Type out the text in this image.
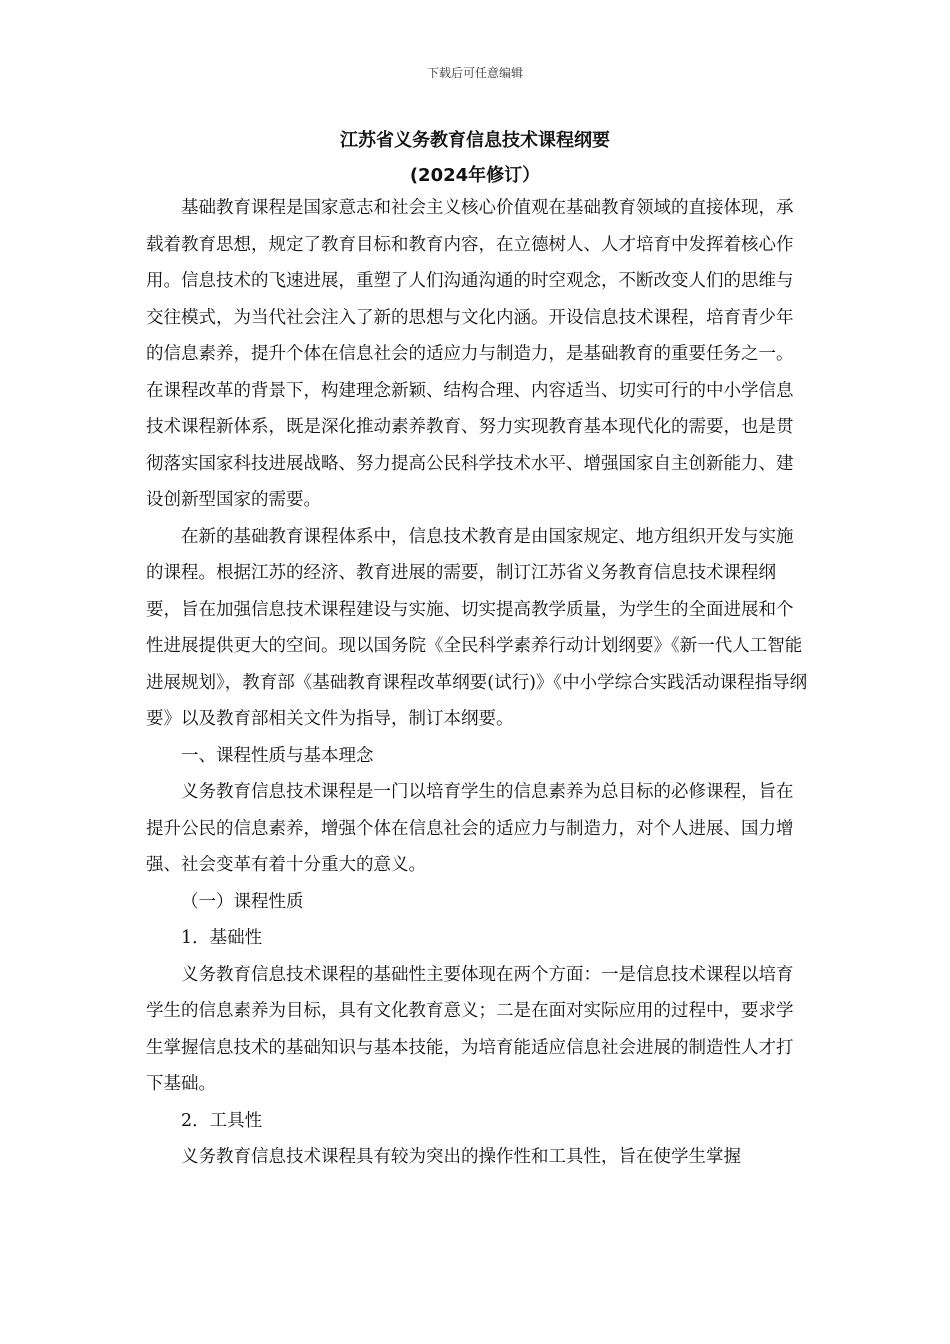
下载后可任意编辑
江苏省义务教育信息技术课程纲要
(2024年修订）

基础教育课程是国家意志和社会主义核心价值观在基础教育领域的直接体现，承载着教育思想，规定了教育目标和教育内容，在立德树人、人才培育中发挥着核心作用。信息技术的飞速进展，重塑了人们沟通沟通的时空观念，不断改变人们的思维与交往模式，为当代社会注入了新的思想与文化内涵。开设信息技术课程，培育青少年的信息素养，提升个体在信息社会的适应力与制造力，是基础教育的重要任务之一。在课程改革的背景下，构建理念新颖、结构合理、内容适当、切实可行的中小学信息技术课程新体系，既是深化推动素养教育、努力实现教育基本现代化的需要，也是贯彻落实国家科技进展战略、努力提高公民科学技术水平、增强国家自主创新能力、建设创新型国家的需要。

在新的基础教育课程体系中，信息技术教育是由国家规定、地方组织开发与实施的课程。根据江苏的经济、教育进展的需要，制订江苏省义务教育信息技术课程纲要，旨在加强信息技术课程建设与实施、切实提高教学质量，为学生的全面进展和个性进展提供更大的空间。现以国务院《全民科学素养行动计划纲要》《新一代人工智能进展规划》，教育部《基础教育课程改革纲要(试行)》《中小学综合实践活动课程指导纲要》以及教育部相关文件为指导，制订本纲要。

一、课程性质与基本理念

义务教育信息技术课程是一门以培育学生的信息素养为总目标的必修课程，旨在提升公民的信息素养，增强个体在信息社会的适应力与制造力，对个人进展、国力增强、社会变革有着十分重大的意义。

（一）课程性质

1．基础性

义务教育信息技术课程的基础性主要体现在两个方面：一是信息技术课程以培育学生的信息素养为目标，具有文化教育意义；二是在面对实际应用的过程中，要求学生掌握信息技术的基础知识与基本技能，为培育能适应信息社会进展的制造性人才打下基础。

2．工具性

义务教育信息技术课程具有较为突出的操作性和工具性，旨在使学生掌握
